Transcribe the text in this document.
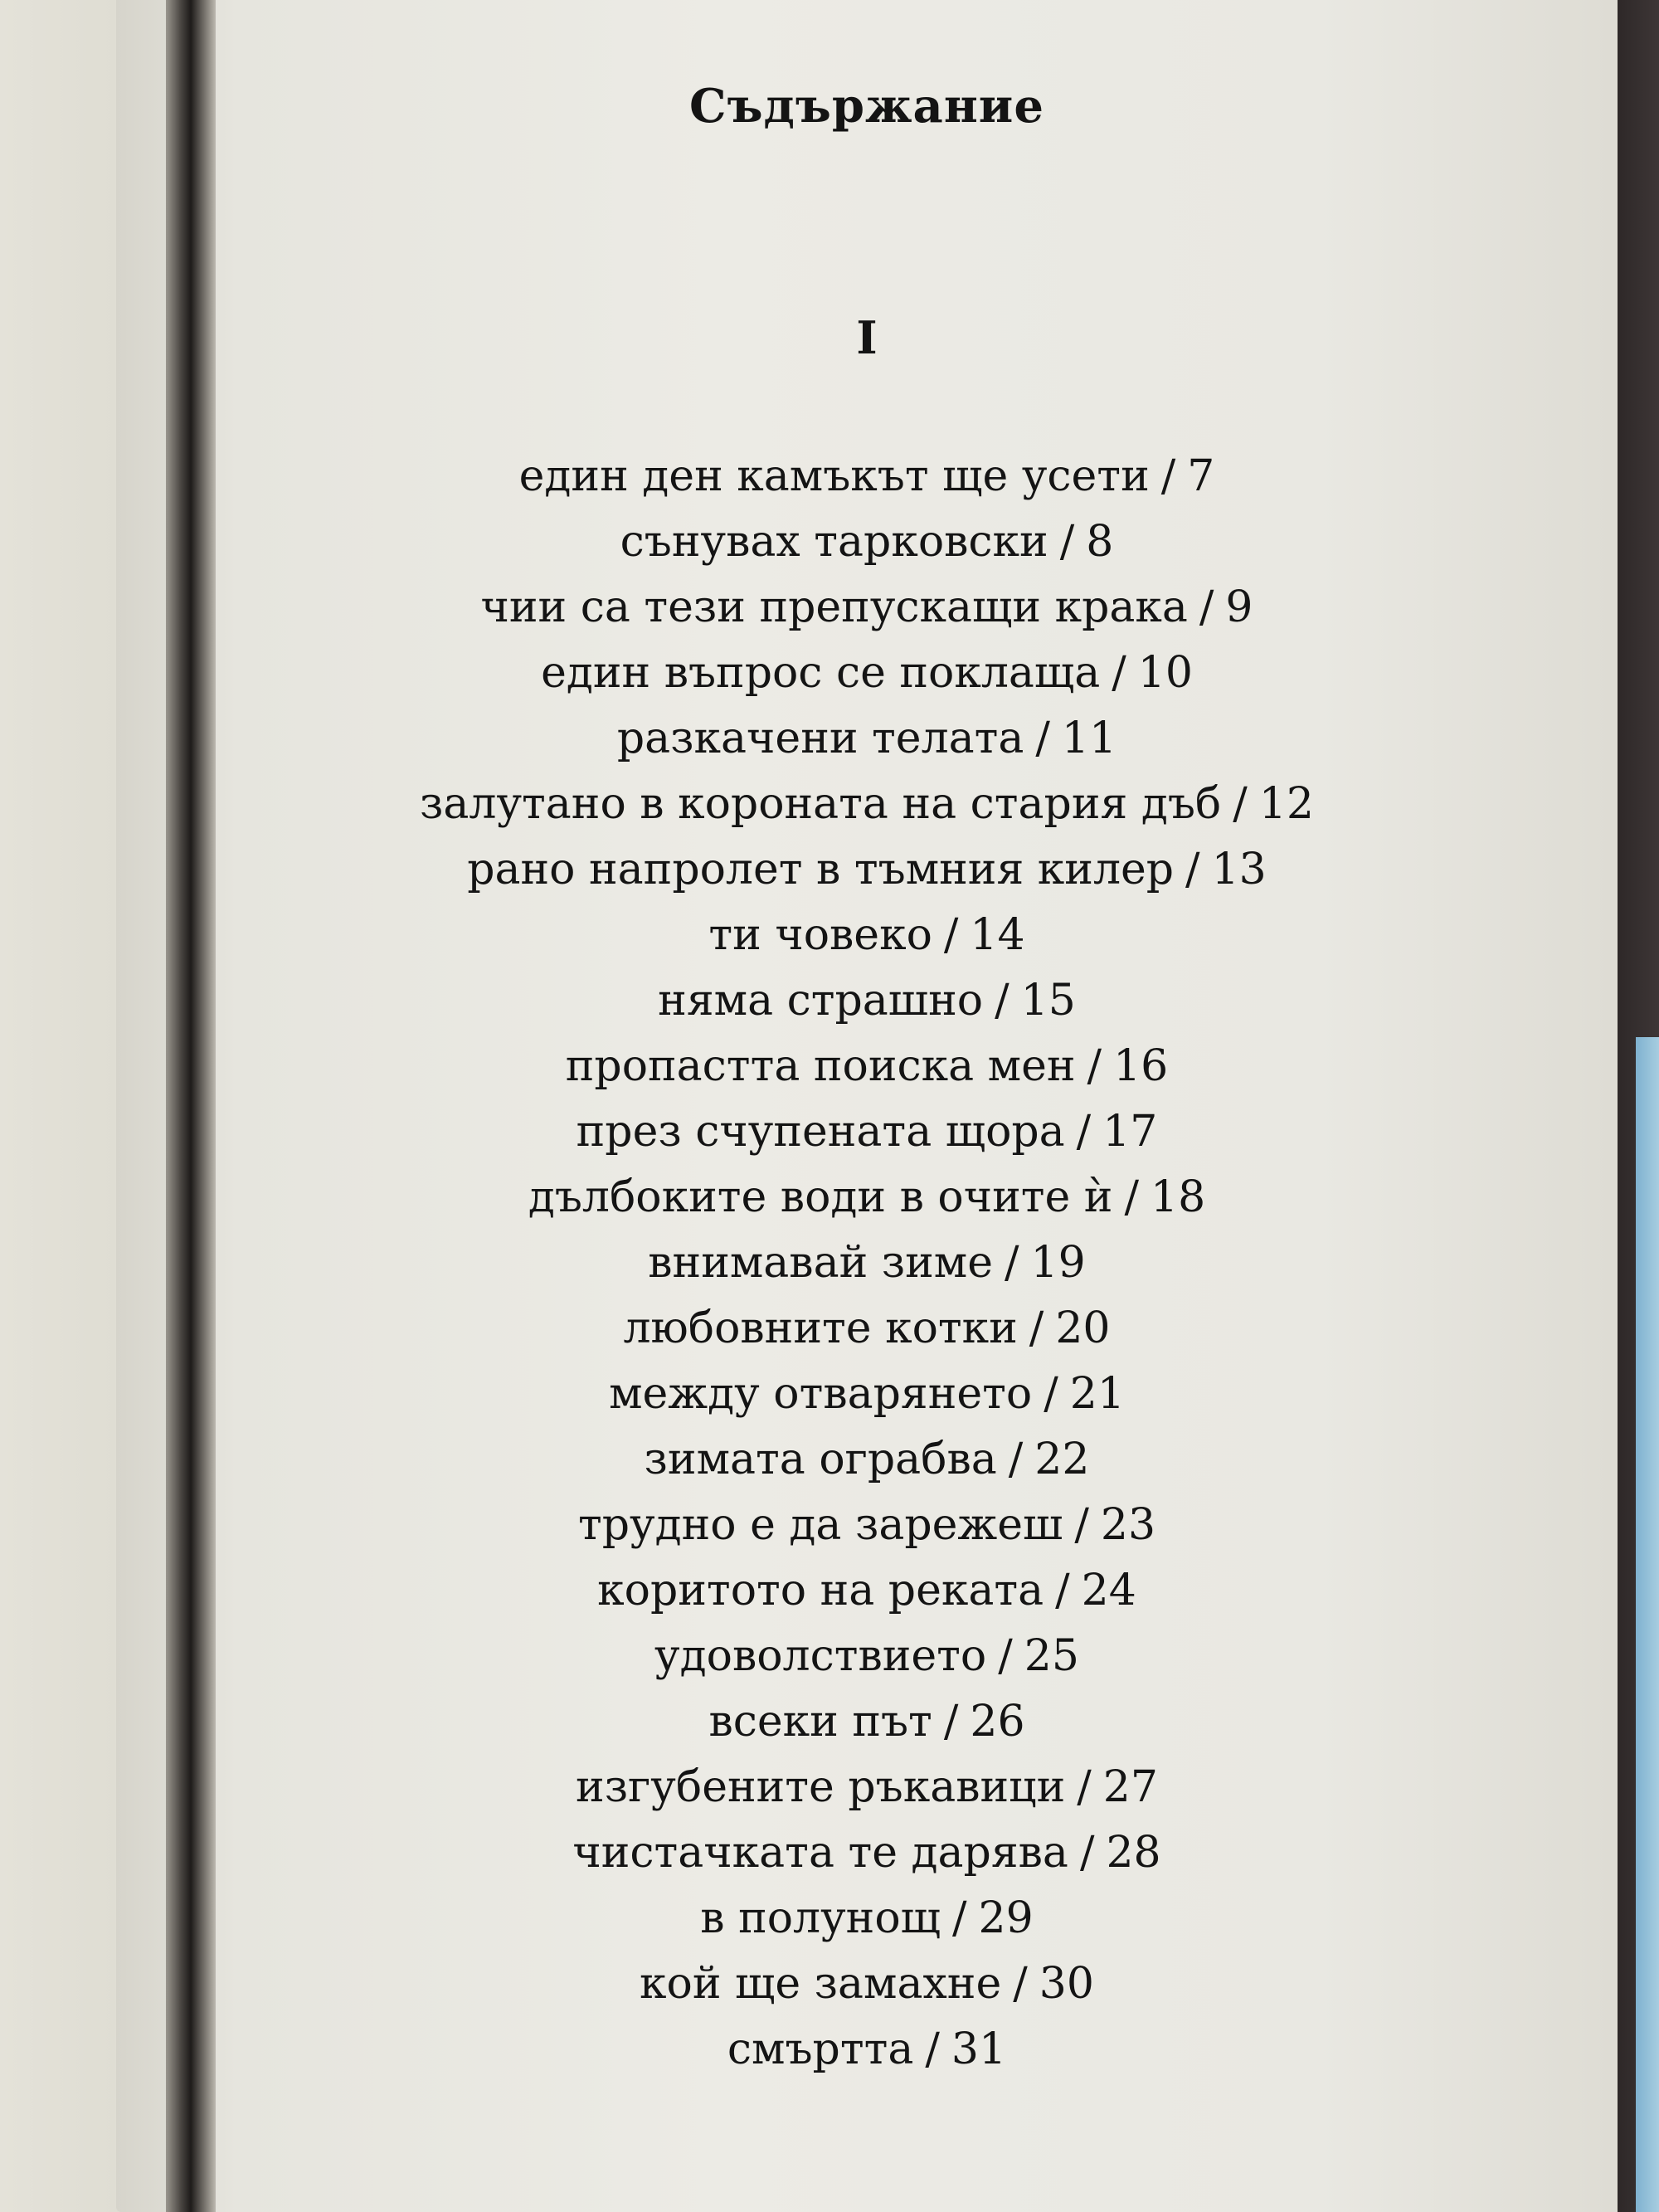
Съдържание
I
един ден камъкът ще усети / 7
сънувах тарковски / 8
чии са тези препускащи крака / 9
един въпрос се поклаща / 10
разкачени телата / 11
залутано в короната на стария дъб / 12
рано напролет в тъмния килер / 13
ти човеко / 14
няма страшно / 15
пропастта поиска мен / 16
през счупената щора / 17
дълбоките води в очите ѝ / 18
внимавай зиме / 19
любовните котки / 20
между отварянето / 21
зимата ограбва / 22
трудно е да зарежеш / 23
коритото на реката / 24
удоволствието / 25
всеки път / 26
изгубените ръкавици / 27
чистачката те дарява / 28
в полунощ / 29
кой ще замахне / 30
смъртта / 31
